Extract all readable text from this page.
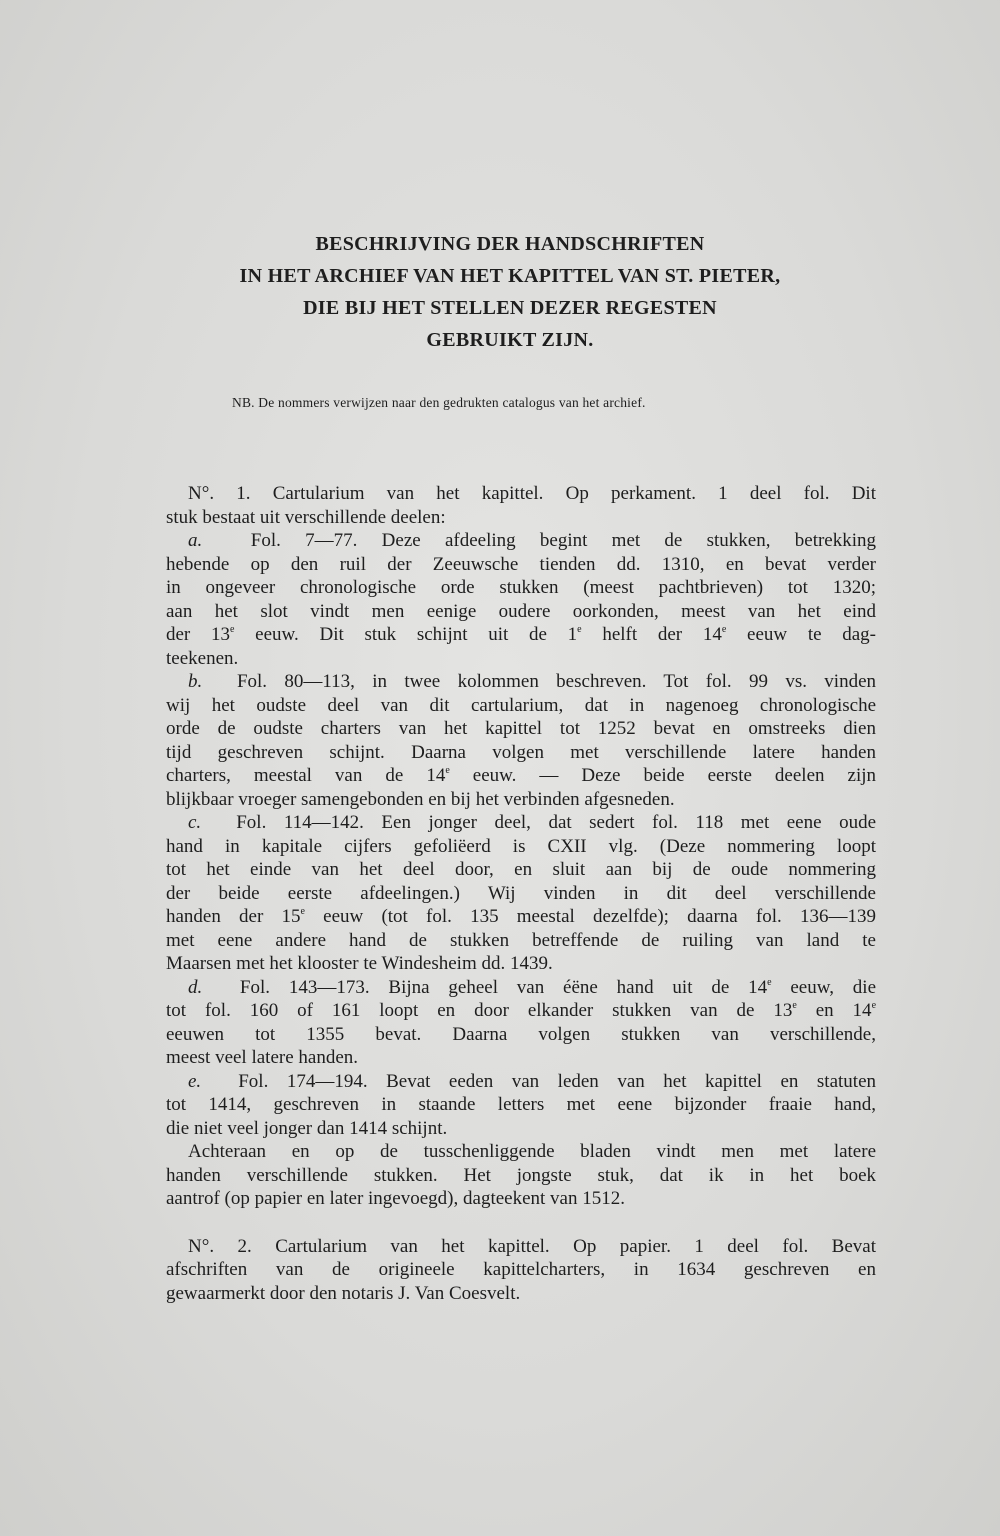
BESCHRIJVING DER HANDSCHRIFTEN
IN HET ARCHIEF VAN HET KAPITTEL VAN ST. PIETER,
DIE BIJ HET STELLEN DEZER REGESTEN
GEBRUIKT ZIJN.
NB. De nommers verwijzen naar den gedrukten catalogus van het archief.
N°. 1. Cartularium van het kapittel. Op perkament. 1 deel fol. Dit
stuk bestaat uit verschillende deelen:
a.	Fol. 7—77. Deze afdeeling begint met de stukken, betrekking
hebende op den ruil der Zeeuwsche tienden dd. 1310, en bevat verder
in ongeveer chronologische orde stukken (meest pachtbrieven) tot 1320;
aan het slot vindt men eenige oudere oorkonden, meest van het eind
der 13e eeuw. Dit stuk schijnt uit de 1e helft der 14e eeuw te dag-
teekenen.
b. Fol. 80—113, in twee kolommen beschreven. Tot fol. 99 vs. vinden
wij het oudste deel van dit cartularium, dat in nagenoeg chronologische
orde de oudste charters van het kapittel tot 1252 bevat en omstreeks dien
tijd geschreven schijnt. Daarna volgen met verschillende latere handen
charters, meestal van de 14e eeuw. — Deze beide eerste deelen zijn
blijkbaar vroeger samengebonden en bij het verbinden afgesneden.
c. Fol. 114—142. Een jonger deel, dat sedert fol. 118 met eene oude
hand in kapitale cijfers gefoliëerd is CXII vlg. (Deze nommering loopt
tot het einde van het deel door, en sluit aan bij de oude nommering
der beide eerste afdeelingen.) Wij vinden in dit deel verschillende
handen der 15e eeuw (tot fol. 135 meestal dezelfde); daarna fol. 136—139
met eene andere hand de stukken betreffende de ruiling van land te
Maarsen met het klooster te Windesheim dd. 1439.
d. Fol. 143—173. Bijna geheel van éëne hand uit de 14e eeuw, die
tot fol. 160 of 161 loopt en door elkander stukken van de 13e en 14e
eeuwen tot 1355 bevat. Daarna volgen stukken van verschillende,
meest veel latere handen.
e. Fol. 174—194. Bevat eeden van leden van het kapittel en statuten
tot 1414, geschreven in staande letters met eene bijzonder fraaie hand,
die niet veel jonger dan 1414 schijnt.
Achteraan en op de tusschenliggende bladen vindt men met latere
handen verschillende stukken. Het jongste stuk, dat ik in het boek
aantrof (op papier en later ingevoegd), dagteekent van 1512.
N°. 2. Cartularium van het kapittel. Op papier. 1 deel fol. Bevat
afschriften van de origineele kapittelcharters, in 1634 geschreven en
gewaarmerkt door den notaris J. Van Coesvelt.
